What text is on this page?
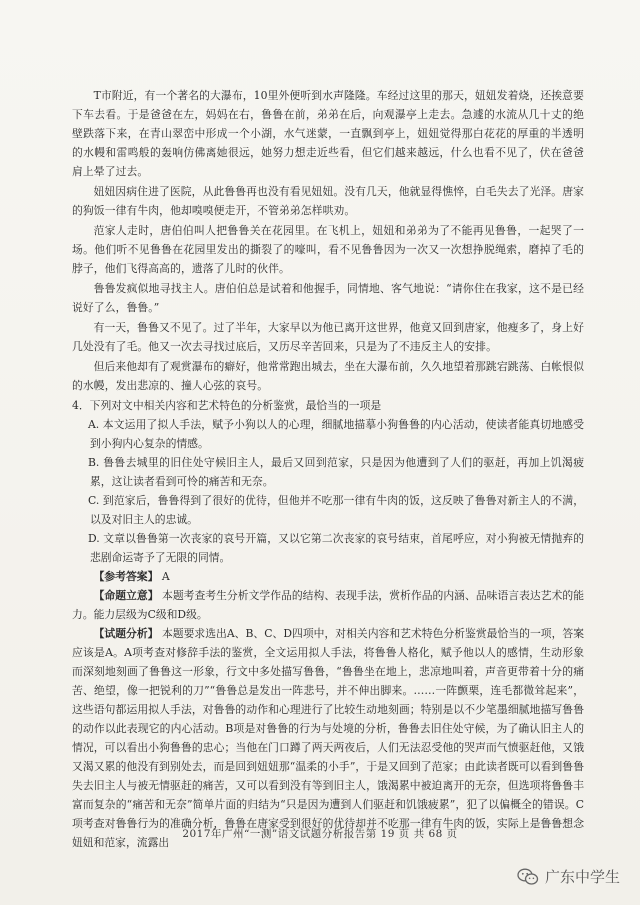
T市附近，有一个著名的大瀑布，10里外便听到水声隆隆。车经过这里的那天，妞妞发着烧，还挨意要下车去看。于是爸爸在左，妈妈在右，鲁鲁在前，弟弟在后，向观瀑亭上走去。急遽的水流从几十丈的绝壁跌落下来，在青山翠峦中形成一个小湖，水气迷蒙，一直飘到亭上，妞妞觉得那白花花的厚重的半透明的水幔和雷鸣般的轰响仿佛离她很远，她努力想走近些看，但它们越来越远，什么也看不见了，伏在爸爸肩上晕了过去。

妞妞因病住进了医院，从此鲁鲁再也没有看见妞妞。没有几天，他就显得憔悴，白毛失去了光泽。唐家的狗饭一律有牛肉，他却嗅嗅便走开，不管弟弟怎样哄劝。

范家人走时，唐伯伯叫人把鲁鲁关在花园里。在飞机上，妞妞和弟弟为了不能再见鲁鲁，一起哭了一场。他们听不见鲁鲁在花园里发出的撕裂了的嚎叫，看不见鲁鲁因为一次又一次想挣脱绳索，磨掉了毛的脖子，他们飞得高高的，遗落了儿时的伙伴。

鲁鲁发疯似地寻找主人。唐伯伯总是试着和他握手，同情地、客气地说：“请你住在我家，这不是已经说好了么，鲁鲁。”

有一天，鲁鲁又不见了。过了半年，大家早以为他已离开这世界，他竟又回到唐家，他瘦多了，身上好几处没有了毛。他又一次去寻找过底后，又历尽辛苦回来，只是为了不违反主人的安排。

但后来他却有了观赏瀑布的癖好，他常常跑出城去，坐在大瀑布前，久久地望着那跳宕跳荡、白帐恨似的水幔，发出悲凉的、撞人心弦的哀号。

4．下列对文中相关内容和艺术特色的分析鉴赏，最恰当的一项是

A. 本文运用了拟人手法，赋予小狗以人的心理，细腻地描摹小狗鲁鲁的内心活动，使读者能真切地感受到小狗内心复杂的情感。

B. 鲁鲁去城里的旧住处守候旧主人，最后又回到范家，只是因为他遭到了人们的驱赶，再加上饥渴疲累，这让读者看到可怜的痛苦和无奈。

C. 到范家后，鲁鲁得到了很好的优待，但他并不吃那一律有牛肉的饭，这反映了鲁鲁对新主人的不满，以及对旧主人的忠诚。

D. 文章以鲁鲁第一次丧家的哀号开篇，又以它第二次丧家的哀号结束，首尾呼应，对小狗被无情抛弃的悲剧命运寄予了无限的同情。

【参考答案】 A

【命题立意】 本题考查考生分析文学作品的结构、表现手法，赏析作品的内涵、品味语言表达艺术的能力。能力层级为C级和D级。

【试题分析】 本题要求选出A、B、C、D四项中，对相关内容和艺术特色分析鉴赏最恰当的一项，答案应该是A。A项考查对修辞手法的鉴赏，全文运用拟人手法，将鲁鲁人格化，赋予他以人的感情，生动形象而深刻地刻画了鲁鲁这一形象，行文中多处描写鲁鲁，“鲁鲁坐在地上，悲凉地叫着，声音更带着十分的痛苦、绝望，像一把锐利的刀”“鲁鲁总是发出一阵悲号，并不伸出脚来。……一阵颤栗，连毛都微耸起来”，这些语句都运用拟人手法，对鲁鲁的动作和心理进行了比较生动地刻画；特别是以不少笔墨细腻地描写鲁鲁的动作以此表现它的内心活动。B项是对鲁鲁的行为与处境的分析，鲁鲁去旧住处守候，为了确认旧主人的情况，可以看出小狗鲁鲁的忠心；当他在门口蹲了两天两夜后，人们无法忍受他的哭声而气愤驱赶他，又饿又渴又累的他没有到别处去，而是回到妞妞那“温柔的小手”，于是又回到了范家；由此读者既可以看到鲁鲁失去旧主人与被无情驱赶的痛苦，又可以看到没有等到旧主人，饿渴累中被迫离开的无奈，但选项将鲁鲁丰富而复杂的“痛苦和无奈”简单片面的归结为“只是因为遭到人们驱赶和饥饿疲累”，犯了以偏概全的错误。C项考查对鲁鲁行为的准确分析，鲁鲁在唐家受到很好的优待却并不吃那一律有牛肉的饭，实际上是鲁鲁想念妞妞和范家，流露出

2017年广州“一测”语文试题分析报告第 19 页 共 68 页
广东中学生
